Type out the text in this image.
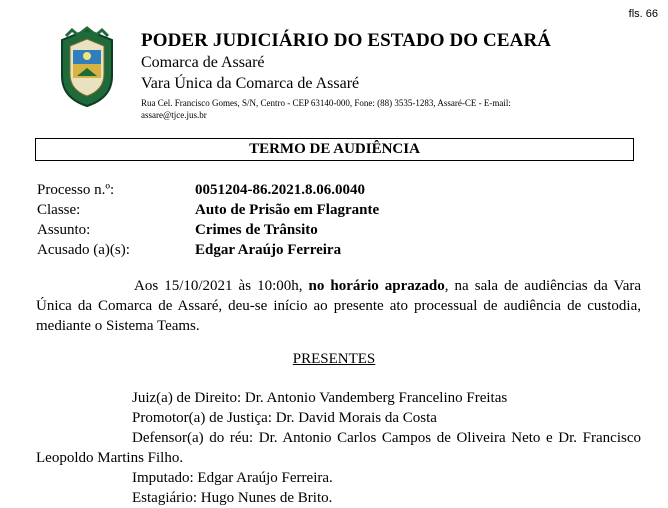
fls. 66
PODER JUDICIÁRIO DO ESTADO DO CEARÁ
Comarca de Assaré
Vara Única da Comarca de Assaré
Rua Cel. Francisco Gomes, S/N, Centro - CEP 63140-000, Fone: (88) 3535-1283, Assaré-CE - E-mail:
assare@tjce.jus.br
TERMO DE AUDIÊNCIA
Processo n.º:	0051204-86.2021.8.06.0040
Classe:	Auto de Prisão em Flagrante
Assunto:	Crimes de Trânsito
Acusado (a)(s):	Edgar Araújo Ferreira

Aos 15/10/2021 às 10:00h, no horário aprazado, na sala de audiências da Vara Única da Comarca de Assaré, deu-se início ao presente ato processual de audiência de custodia, mediante o Sistema Teams.

PRESENTES
Juiz(a) de Direito: Dr. Antonio Vandemberg Francelino Freitas
Promotor(a) de Justiça: Dr. David Morais da Costa
Defensor(a) do réu: Dr. Antonio Carlos Campos de Oliveira Neto e Dr. Francisco Leopoldo Martins Filho.
Imputado: Edgar Araújo Ferreira.
Estagiário: Hugo Nunes de Brito.
